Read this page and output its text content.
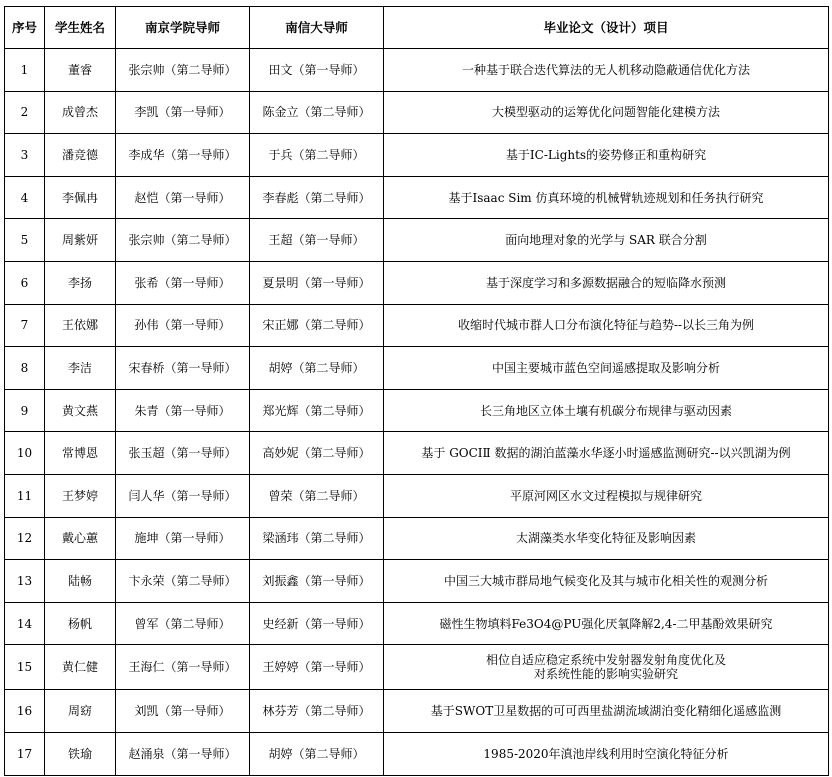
序号	学生姓名	南京学院导师	南信大导师	毕业论文（设计）项目
1	董睿	张宗帅（第二导师）	田文（第一导师）	一种基于联合迭代算法的无人机移动隐蔽通信优化方法

2	成曾杰	李凯（第一导师）	陈金立（第二导师）	大模型驱动的运筹优化问题智能化建模方法

3	潘竞德	李成华（第一导师）	于兵（第二导师）	基于IC-Lights的姿势修正和重构研究

4	李佩冉	赵恺（第一导师）	李春彪（第二导师）	基于Isaac Sim 仿真环境的机械臂轨迹规划和任务执行研究

5	周紫妍	张宗帅（第二导师）	王超（第一导师）	面向地理对象的光学与 SAR 联合分割

6	李扬	张希（第一导师）	夏景明（第一导师）	基于深度学习和多源数据融合的短临降水预测

7	王依娜	孙伟（第一导师）	宋正娜（第二导师）	收缩时代城市群人口分布演化特征与趋势--以长三角为例

8	李洁	宋春桥（第一导师）	胡婷（第二导师）	中国主要城市蓝色空间遥感提取及影响分析

9	黄文燕	朱青（第一导师）	郑光辉（第二导师）	长三角地区立体土壤有机碳分布规律与驱动因素

10	常博恩	张玉超（第一导师）	高妙妮（第二导师）	基于 GOCIⅡ 数据的湖泊蓝藻水华逐小时遥感监测研究--以兴凯湖为例

11	王梦婷	闫人华（第一导师）	曾荣（第二导师）	平原河网区水文过程模拟与规律研究

12	戴心蕙	施坤（第一导师）	梁涵玮（第二导师）	太湖藻类水华变化特征及影响因素

13	陆畅	卞永荣（第二导师）	刘振鑫（第一导师）	中国三大城市群局地气候变化及其与城市化相关性的观测分析

14	杨帆	曾军（第二导师）	史经新（第一导师）	磁性生物填料Fe3O4@PU强化厌氧降解2,4-二甲基酚效果研究

15	黄仁健	王海仁（第一导师）	王婷婷（第一导师）	相位自适应稳定系统中发射器发射角度优化及
对系统性能的影响实验研究

16	周窈	刘凯（第一导师）	林芬芳（第二导师）	基于SWOT卫星数据的可可西里盐湖流域湖泊变化精细化遥感监测

17	铁瑜	赵涌泉（第一导师）	胡婷（第二导师）	1985-2020年滇池岸线利用时空演化特征分析
